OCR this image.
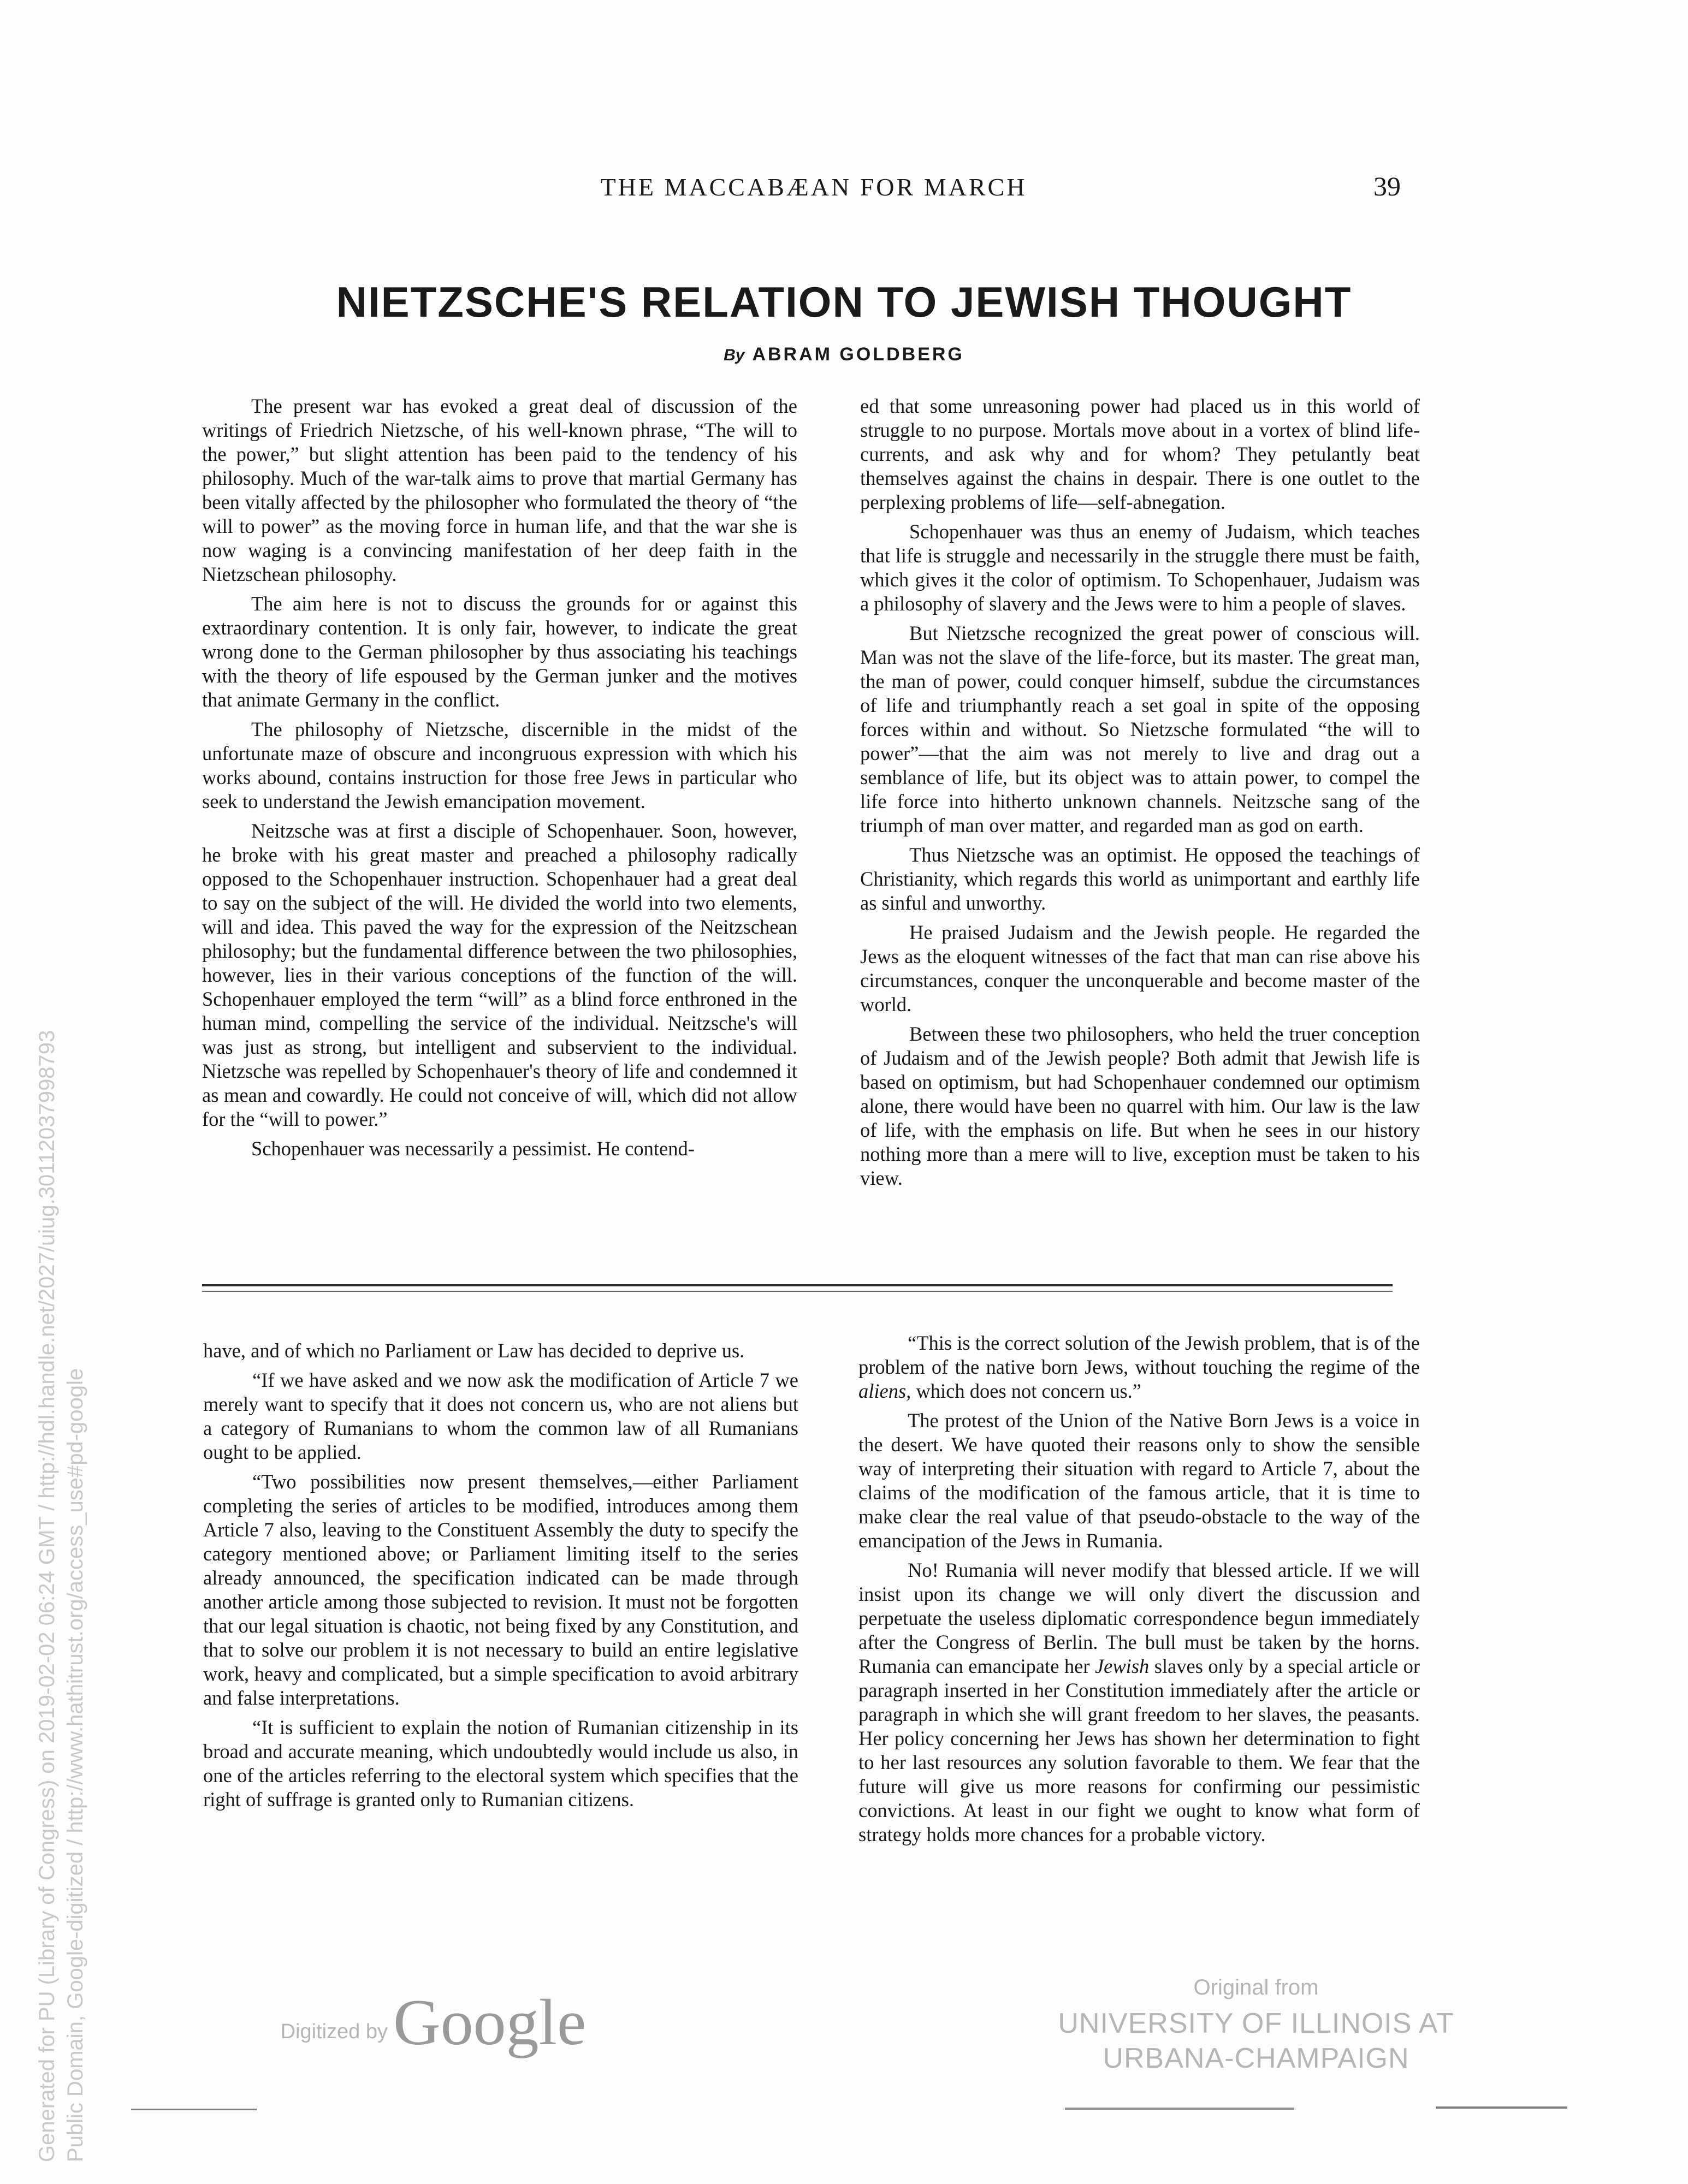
THE MACCABÆAN FOR MARCH	39
NIETZSCHE'S RELATION TO JEWISH THOUGHT
By ABRAM GOLDBERG

The present war has evoked a great deal of discussion of the writings of Friedrich Nietzsche, of his well-known phrase, “The will to the power,” but slight attention has been paid to the tendency of his philosophy. Much of the war-talk aims to prove that martial Germany has been vitally affected by the philosopher who formulated the theory of “the will to power” as the moving force in human life, and that the war she is now waging is a convincing manifestation of her deep faith in the Nietzschean philosophy.

The aim here is not to discuss the grounds for or against this extraordinary contention. It is only fair, however, to indicate the great wrong done to the German philosopher by thus associating his teachings with the theory of life espoused by the German junker and the motives that animate Germany in the conflict.

The philosophy of Nietzsche, discernible in the midst of the unfortunate maze of obscure and incongruous expression with which his works abound, contains instruction for those free Jews in particular who seek to understand the Jewish emancipation movement.

Neitzsche was at first a disciple of Schopenhauer. Soon, however, he broke with his great master and preached a philosophy radically opposed to the Schopenhauer instruction. Schopenhauer had a great deal to say on the subject of the will. He divided the world into two elements, will and idea. This paved the way for the expression of the Neitzschean philosophy; but the fundamental difference between the two philosophies, however, lies in their various conceptions of the function of the will. Schopenhauer employed the term “will” as a blind force enthroned in the human mind, compelling the service of the individual. Neitzsche's will was just as strong, but intelligent and subservient to the individual. Nietzsche was repelled by Schopenhauer's theory of life and condemned it as mean and cowardly. He could not conceive of will, which did not allow for the “will to power.”

Schopenhauer was necessarily a pessimist. He contend-

ed that some unreasoning power had placed us in this world of struggle to no purpose. Mortals move about in a vortex of blind life-currents, and ask why and for whom? They petulantly beat themselves against the chains in despair. There is one outlet to the perplexing problems of life—self-abnegation.

Schopenhauer was thus an enemy of Judaism, which teaches that life is struggle and necessarily in the struggle there must be faith, which gives it the color of optimism. To Schopenhauer, Judaism was a philosophy of slavery and the Jews were to him a people of slaves.

But Nietzsche recognized the great power of conscious will. Man was not the slave of the life-force, but its master. The great man, the man of power, could conquer himself, subdue the circumstances of life and triumphantly reach a set goal in spite of the opposing forces within and without. So Nietzsche formulated “the will to power”—that the aim was not merely to live and drag out a semblance of life, but its object was to attain power, to compel the life force into hitherto unknown channels. Neitzsche sang of the triumph of man over matter, and regarded man as god on earth.

Thus Nietzsche was an optimist. He opposed the teachings of Christianity, which regards this world as unimportant and earthly life as sinful and unworthy.

He praised Judaism and the Jewish people. He regarded the Jews as the eloquent witnesses of the fact that man can rise above his circumstances, conquer the unconquerable and become master of the world.

Between these two philosophers, who held the truer conception of Judaism and of the Jewish people? Both admit that Jewish life is based on optimism, but had Schopenhauer condemned our optimism alone, there would have been no quarrel with him. Our law is the law of life, with the emphasis on life. But when he sees in our history nothing more than a mere will to live, exception must be taken to his view.

have, and of which no Parliament or Law has decided to deprive us.

“If we have asked and we now ask the modification of Article 7 we merely want to specify that it does not concern us, who are not aliens but a category of Rumanians to whom the common law of all Rumanians ought to be applied.

“Two possibilities now present themselves,—either Parliament completing the series of articles to be modified, introduces among them Article 7 also, leaving to the Constituent Assembly the duty to specify the category mentioned above; or Parliament limiting itself to the series already announced, the specification indicated can be made through another article among those subjected to revision. It must not be forgotten that our legal situation is chaotic, not being fixed by any Constitution, and that to solve our problem it is not necessary to build an entire legislative work, heavy and complicated, but a simple specification to avoid arbitrary and false interpretations.

“It is sufficient to explain the notion of Rumanian citizenship in its broad and accurate meaning, which undoubtedly would include us also, in one of the articles referring to the electoral system which specifies that the right of suffrage is granted only to Rumanian citizens.

“This is the correct solution of the Jewish problem, that is of the problem of the native born Jews, without touching the regime of the aliens, which does not concern us.”

The protest of the Union of the Native Born Jews is a voice in the desert. We have quoted their reasons only to show the sensible way of interpreting their situation with regard to Article 7, about the claims of the modification of the famous article, that it is time to make clear the real value of that pseudo-obstacle to the way of the emancipation of the Jews in Rumania.

No! Rumania will never modify that blessed article. If we will insist upon its change we will only divert the discussion and perpetuate the useless diplomatic correspondence begun immediately after the Congress of Berlin. The bull must be taken by the horns. Rumania can emancipate her Jewish slaves only by a special article or paragraph inserted in her Constitution immediately after the article or paragraph in which she will grant freedom to her slaves, the peasants. Her policy concerning her Jews has shown her determination to fight to her last resources any solution favorable to them. We fear that the future will give us more reasons for confirming our pessimistic convictions. At least in our fight we ought to know what form of strategy holds more chances for a probable victory.

Digitized by Google	Original from
UNIVERSITY OF ILLINOIS AT
URBANA-CHAMPAIGN
Generated for PU (Library of Congress) on 2019-02-02 06:24 GMT / http://hdl.handle.net/2027/uiug.30112037998793 Public Domain, Google-digitized / http://www.hathitrust.org/access_use#pd-google
